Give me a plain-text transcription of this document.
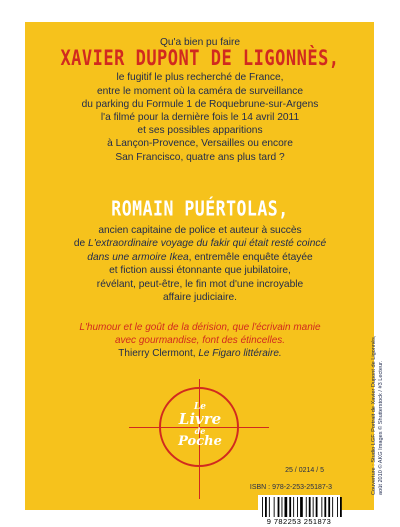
Qu'a bien pu faire
XAVIER DUPONT DE LIGONNÈS,
le fugitif le plus recherché de France,
entre le moment où la caméra de surveillance
du parking du Formule 1 de Roquebrune-sur-Argens
l'a filmé pour la dernière fois le 14 avril 2011
et ses possibles apparitions
à Lançon-Provence, Versailles ou encore
San Francisco, quatre ans plus tard ?
ROMAIN PUÉRTOLAS,
ancien capitaine de police et auteur à succès
de L'extraordinaire voyage du fakir qui était resté coincé
dans une armoire Ikea, entremêle enquête étayée
et fiction aussi étonnante que jubilatoire,
révélant, peut-être, le fin mot d'une incroyable
affaire judiciaire.
L'humour et le goût de la dérision, que l'écrivain manie
avec gourmandise, font des étincelles.
Thierry Clermont, Le Figaro littéraire.
Le
Livre
de
Poche
25 / 0214 / 5
ISBN : 978-2-253-25187-3
9 782253 251873
Couverture : Studio LGF. Portrait de Xavier Dupont de Ligonnès,
août 2010 © AKG Images © Shutterstock / #3 Lecteur.
